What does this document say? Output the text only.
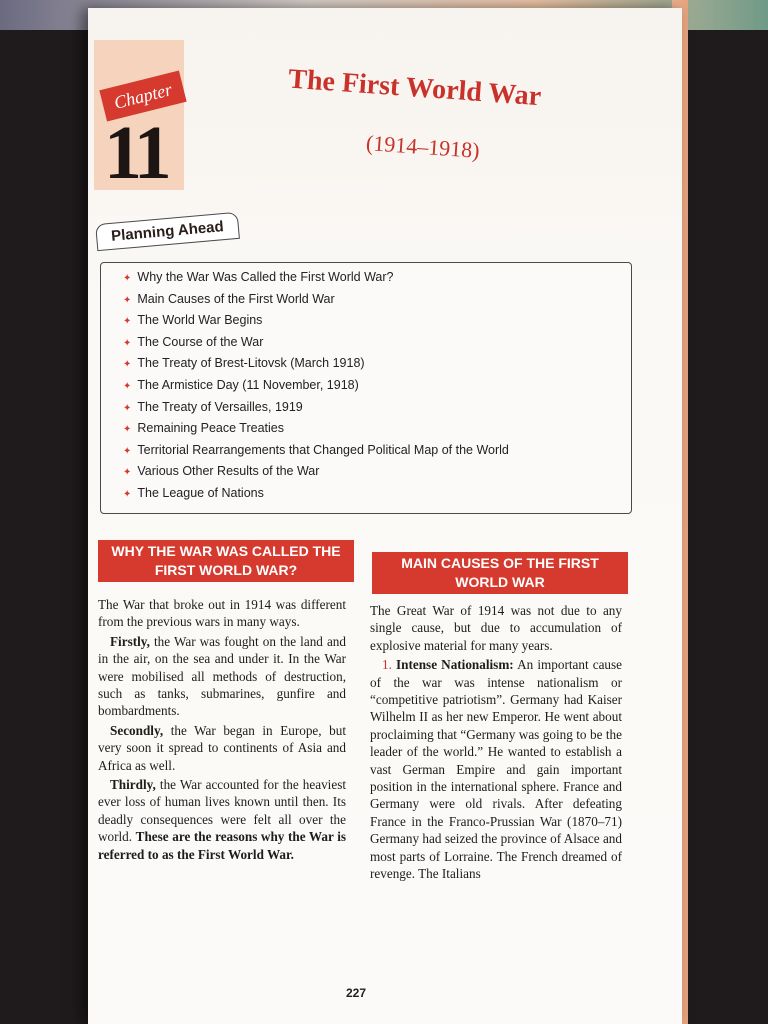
Chapter
11
The First World War
(1914–1918)
Planning Ahead
✦ Why the War Was Called the First World War?
✦ Main Causes of the First World War
✦ The World War Begins
✦ The Course of the War
✦ The Treaty of Brest-Litovsk (March 1918)
✦ The Armistice Day (11 November, 1918)
✦ The Treaty of Versailles, 1919
✦ Remaining Peace Treaties
✦ Territorial Rearrangements that Changed Political Map of the World
✦ Various Other Results of the War
✦ The League of Nations
WHY THE WAR WAS CALLED THE FIRST WORLD WAR?

The War that broke out in 1914 was different from the previous wars in many ways.

Firstly, the War was fought on the land and in the air, on the sea and under it. In the War were mobilised all methods of destruction, such as tanks, submarines, gunfire and bombardments.

Secondly, the War began in Europe, but very soon it spread to continents of Asia and Africa as well.

Thirdly, the War accounted for the heaviest ever loss of human lives known until then. Its deadly consequences were felt all over the world. These are the reasons why the War is referred to as the First World War.

MAIN CAUSES OF THE FIRST WORLD WAR

The Great War of 1914 was not due to any single cause, but due to accumulation of explosive material for many years.

1. Intense Nationalism: An important cause of the war was intense nationalism or “competitive patriotism”. Germany had Kaiser Wilhelm II as her new Emperor. He went about proclaiming that “Germany was going to be the leader of the world.” He wanted to establish a vast German Empire and gain important position in the international sphere. France and Germany were old rivals. After defeating France in the Franco-Prussian War (1870–71) Germany had seized the province of Alsace and most parts of Lorraine. The French dreamed of revenge. The Italians

227
